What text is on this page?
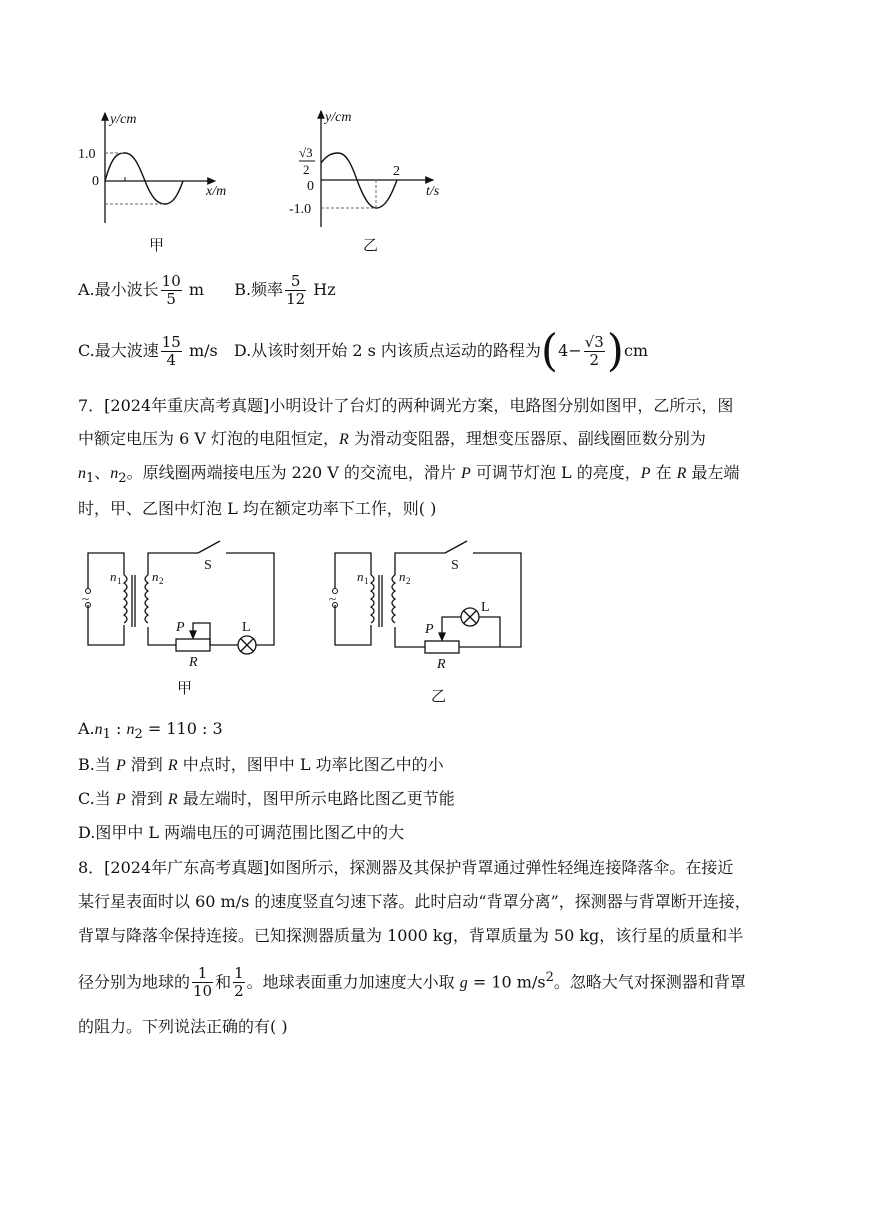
y/cm
1.0
0
x/m
甲
y/cm
√3
2
0
-1.0
2
t/s
乙
A.最小波长 $\frac{10}{5}$ m B.频率 $\frac{5}{12}$ Hz
C.最大波速 $\frac{15}{4} m/s$ D.从该时刻开始 2 s 内该质点运动的路程为$(4- \frac{√3}{2} )cm$
7．[2024年重庆高考真题]小明设计了台灯的两种调光方案，电路图分别如图甲，乙所示，图
中额定电压为 6 V 灯泡的电阻恒定，R 为滑动变阻器，理想变压器原、副线圈匝数分别为
$n_1$、$n_2$。原线圈两端接电压为 220 V 的交流电，滑片 P 可调节灯泡 L 的亮度，P 在 R 最左端
时，甲、乙图中灯泡 L 均在额定功率下工作，则( )
~
n 1 n 2
S
P
R
L
甲
~
n 1 n 2
S
P
R
L
乙
$A.n_1$ : $n_2 = 110$ : 3
B.当 P 滑到 R 中点时，图甲中 L 功率比图乙中的小
C.当 P 滑到 R 最左端时，图甲所示电路比图乙更节能
D.图甲中 L 两端电压的可调范围比图乙中的大
8．[2024年广东高考真题]如图所示，探测器及其保护背罩通过弹性轻绳连接降落伞。在接近
某行星表面时以 60 m/s 的速度竖直匀速下落。此时启动“背罩分离”，探测器与背罩断开连接，
背罩与降落伞保持连接。已知探测器质量为 1000 kg，背罩质量为 50 kg，该行星的质量和半
径分别为地球的 $\frac{1}{10}$ 和 $\frac{1}{2}$ 。地球表面重力加速度大小取 g = 10 $m/s^2$。忽略大气对探测器和背罩
的阻力。下列说法正确的有( )
